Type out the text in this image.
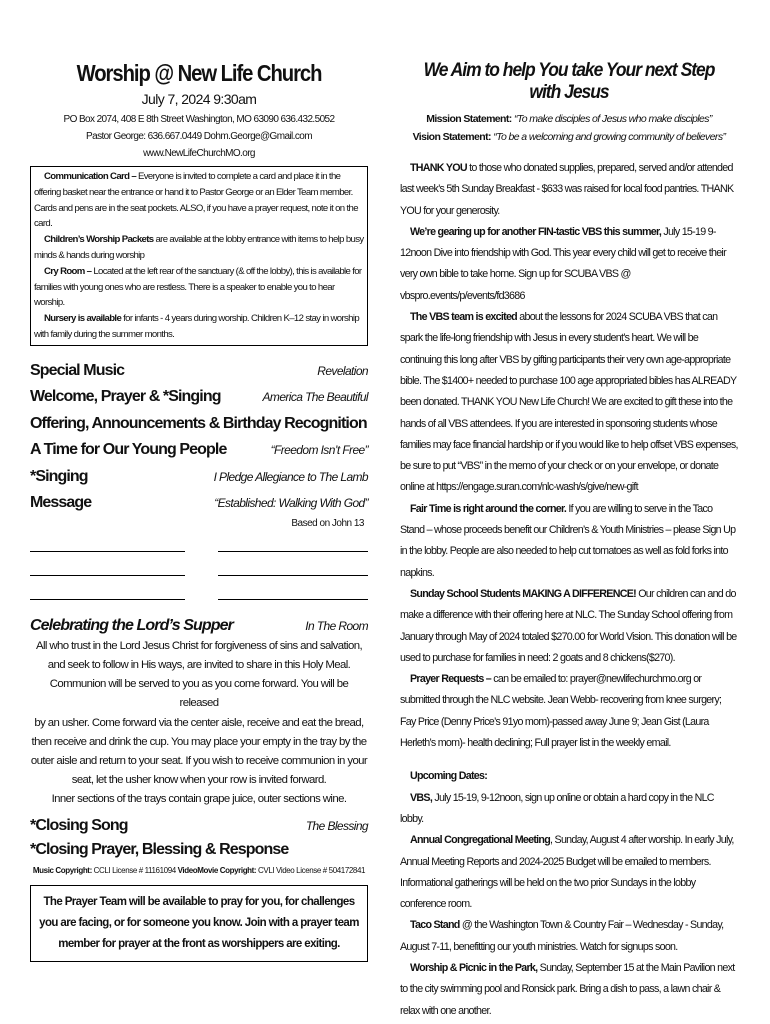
Worship @ New Life Church
July 7, 2024 9:30am
PO Box 2074, 408 E 8th Street Washington, MO 63090 636.432.5052
Pastor George: 636.667.0449 Dohm.George@Gmail.com www.NewLifeChurchMO.org

Communication Card – Everyone is invited to complete a card and place it in the offering basket near the entrance or hand it to Pastor George or an Elder Team member. Cards and pens are in the seat pockets. ALSO, if you have a prayer request, note it on the card.

Children’s Worship Packets are available at the lobby entrance with items to help busy minds & hands during worship

Cry Room – Located at the left rear of the sanctuary (& off the lobby), this is available for families with young ones who are restless. There is a speaker to enable you to hear worship.

Nursery is available for infants - 4 years during worship. Children K–12 stay in worship with family during the summer months.

Special Music	Revelation
Welcome, Prayer & *Singing	America The Beautiful
Offering, Announcements & Birthday Recognition
A Time for Our Young People	“Freedom Isn’t Free”
*Singing	I Pledge Allegiance to The Lamb
Message	“Established: Walking With God”
Based on John 13
Celebrating the Lord’s Supper	In The Room
All who trust in the Lord Jesus Christ for forgiveness of sins and salvation,
and seek to follow in His ways, are invited to share in this Holy Meal.
Communion will be served to you as you come forward. You will be released
by an usher. Come forward via the center aisle, receive and eat the bread,
then receive and drink the cup. You may place your empty in the tray by the
outer aisle and return to your seat. If you wish to receive communion in your
seat, let the usher know when your row is invited forward.
Inner sections of the trays contain grape juice, outer sections wine.
*Closing Song	The Blessing
*Closing Prayer, Blessing & Response
Music Copyright: CCLI License # 11161094 VideoMovie Copyright: CVLI Video License # 504172841
The Prayer Team will be available to pray for you, for challenges you are facing, or for someone you know. Join with a prayer team member for prayer at the front as worshippers are exiting.
We Aim to help You take Your next Step with Jesus
Mission Statement: “To make disciples of Jesus who make disciples”
Vision Statement: “To be a welcoming and growing community of believers”

THANK YOU to those who donated supplies, prepared, served and/or attended last week’s 5th Sunday Breakfast - $633 was raised for local food pantries. THANK YOU for your generosity.

We’re gearing up for another FIN-tastic VBS this summer, July 15-19 9-12noon Dive into friendship with God. This year every child will get to receive their very own bible to take home. Sign up for SCUBA VBS @ vbspro.events/p/events/fd3686

The VBS team is excited about the lessons for 2024 SCUBA VBS that can spark the life-long friendship with Jesus in every student’s heart. We will be continuing this long after VBS by gifting participants their very own age-appropriate bible. The $1400+ needed to purchase 100 age appropriated bibles has ALREADY been donated. THANK YOU New Life Church! We are excited to gift these into the hands of all VBS attendees. If you are interested in sponsoring students whose families may face financial hardship or if you would like to help offset VBS expenses, be sure to put “VBS” in the memo of your check or on your envelope, or donate online at https://engage.suran.com/nlc-wash/s/give/new-gift

Fair Time is right around the corner. If you are willing to serve in the Taco Stand – whose proceeds benefit our Children’s & Youth Ministries – please Sign Up in the lobby. People are also needed to help cut tomatoes as well as fold forks into napkins.

Sunday School Students MAKING A DIFFERENCE! Our children can and do make a difference with their offering here at NLC. The Sunday School offering from January through May of 2024 totaled $270.00 for World Vision. This donation will be used to purchase for families in need: 2 goats and 8 chickens($270).

Prayer Requests – can be emailed to: prayer@newlifechurchmo.org or submitted through the NLC website. Jean Webb- recovering from knee surgery; Fay Price (Denny Price’s 91yo mom)-passed away June 9; Jean Gist (Laura Herleth’s mom)- health declining; Full prayer list in the weekly email.

Upcoming Dates:

VBS, July 15-19, 9-12noon, sign up online or obtain a hard copy in the NLC lobby.

Annual Congregational Meeting, Sunday, August 4 after worship. In early July, Annual Meeting Reports and 2024-2025 Budget will be emailed to members. Informational gatherings will be held on the two prior Sundays in the lobby conference room.

Taco Stand @ the Washington Town & Country Fair – Wednesday - Sunday, August 7-11, benefitting our youth ministries. Watch for signups soon.

Worship & Picnic in the Park, Sunday, September 15 at the Main Pavilion next to the city swimming pool and Ronsick park. Bring a dish to pass, a lawn chair & relax with one another.
